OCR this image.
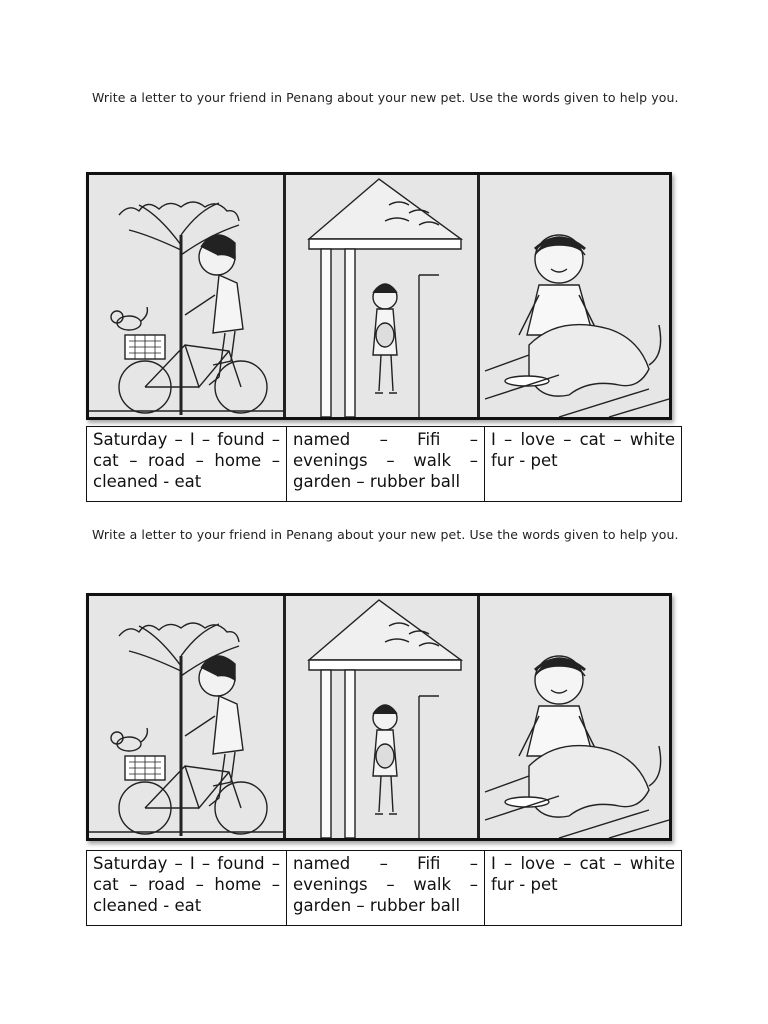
Write a letter to your friend in Penang about your new pet. Use the words given to help you.
Saturday – I – found – cat – road – home – cleaned - eat	named – Fifi – evenings – walk – garden – rubber ball	I – love – cat – white fur - pet
Write a letter to your friend in Penang about your new pet. Use the words given to help you.
Saturday – I – found – cat – road – home – cleaned - eat	named – Fifi – evenings – walk – garden – rubber ball	I – love – cat – white fur - pet
